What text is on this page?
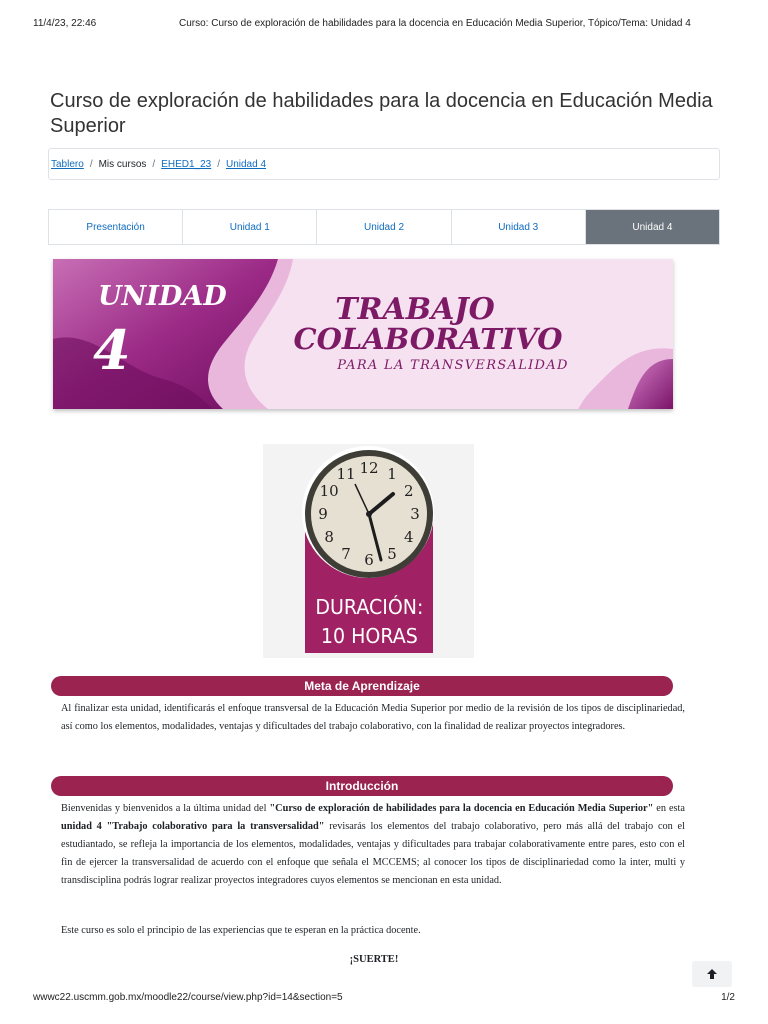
11/4/23, 22:46	Curso: Curso de exploración de habilidades para la docencia en Educación Media Superior, Tópico/Tema: Unidad 4
Curso de exploración de habilidades para la docencia en Educación Media Superior
Tablero / Mis cursos / EHED1_23 / Unidad 4
Presentación	Unidad 1	Unidad 2	Unidad 3	Unidad 4
UNIDAD
4
TRABAJO
COLABORATIVO
PARA LA TRANSVERSALIDAD
12 1
2
3
4
5
6
7
8
9
10
11
DURACIÓN:
10 HORAS
Meta de Aprendizaje

Al finalizar esta unidad, identificarás el enfoque transversal de la Educación Media Superior por medio de la revisión de los tipos de disciplinariedad, así como los elementos, modalidades, ventajas y dificultades del trabajo colaborativo, con la finalidad de realizar proyectos integradores.

Introducción

Bienvenidas y bienvenidos a la última unidad del "Curso de exploración de habilidades para la docencia en Educación Media Superior" en esta unidad 4 "Trabajo colaborativo para la transversalidad" revisarás los elementos del trabajo colaborativo, pero más allá del trabajo con el estudiantado, se refleja la importancia de los elementos, modalidades, ventajas y dificultades para trabajar colaborativamente entre pares, esto con el fin de ejercer la transversalidad de acuerdo con el enfoque que señala el MCCEMS; al conocer los tipos de disciplinariedad como la inter, multi y transdisciplina podrás lograr realizar proyectos integradores cuyos elementos se mencionan en esta unidad.

Este curso es solo el principio de las experiencias que te esperan en la práctica docente.

¡SUERTE!
wwwc22.uscmm.gob.mx/moodle22/course/view.php?id=14&section=5	1/2
